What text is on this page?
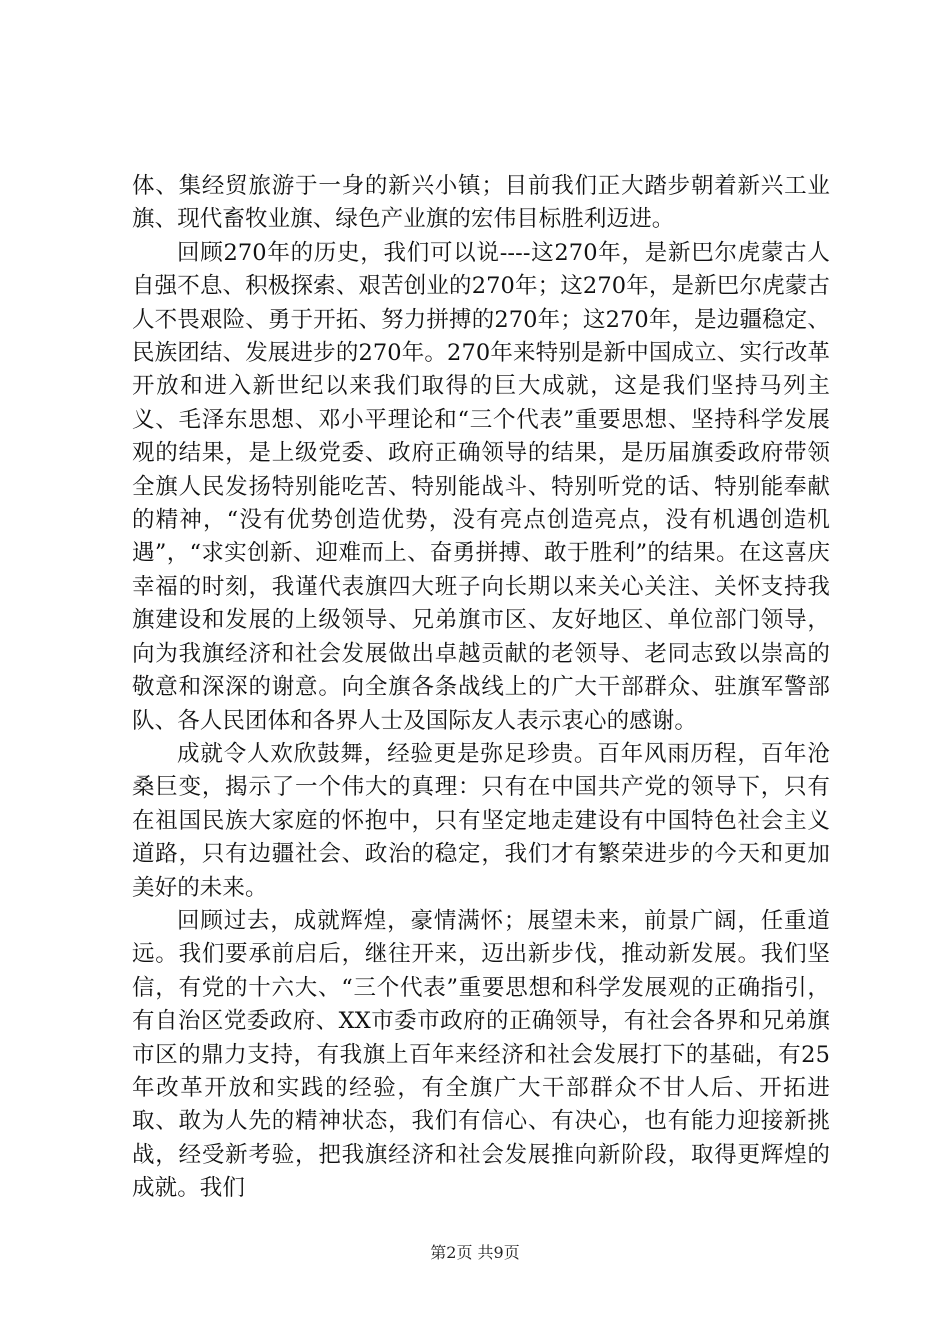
体、集经贸旅游于一身的新兴小镇；目前我们正大踏步朝着新兴工业旗、现代畜牧业旗、绿色产业旗的宏伟目标胜利迈进。

回顾270年的历史，我们可以说----这270年，是新巴尔虎蒙古人自强不息、积极探索、艰苦创业的270年；这270年，是新巴尔虎蒙古人不畏艰险、勇于开拓、努力拼搏的270年；这270年，是边疆稳定、民族团结、发展进步的270年。270年来特别是新中国成立、实行改革开放和进入新世纪以来我们取得的巨大成就，这是我们坚持马列主义、毛泽东思想、邓小平理论和“三个代表”重要思想、坚持科学发展观的结果，是上级党委、政府正确领导的结果，是历届旗委政府带领全旗人民发扬特别能吃苦、特别能战斗、特别听党的话、特别能奉献的精神，“没有优势创造优势，没有亮点创造亮点，没有机遇创造机遇”，“求实创新、迎难而上、奋勇拼搏、敢于胜利”的结果。在这喜庆幸福的时刻，我谨代表旗四大班子向长期以来关心关注、关怀支持我旗建设和发展的上级领导、兄弟旗市区、友好地区、单位部门领导，向为我旗经济和社会发展做出卓越贡献的老领导、老同志致以崇高的敬意和深深的谢意。向全旗各条战线上的广大干部群众、驻旗军警部队、各人民团体和各界人士及国际友人表示衷心的感谢。

成就令人欢欣鼓舞，经验更是弥足珍贵。百年风雨历程，百年沧桑巨变，揭示了一个伟大的真理：只有在中国共产党的领导下，只有在祖国民族大家庭的怀抱中，只有坚定地走建设有中国特色社会主义道路，只有边疆社会、政治的稳定，我们才有繁荣进步的今天和更加美好的未来。

回顾过去，成就辉煌，豪情满怀；展望未来，前景广阔，任重道远。我们要承前启后，继往开来，迈出新步伐，推动新发展。我们坚信，有党的十六大、“三个代表”重要思想和科学发展观的正确指引，有自治区党委政府、XX市委市政府的正确领导，有社会各界和兄弟旗市区的鼎力支持，有我旗上百年来经济和社会发展打下的基础，有25年改革开放和实践的经验，有全旗广大干部群众不甘人后、开拓进取、敢为人先的精神状态，我们有信心、有决心，也有能力迎接新挑战，经受新考验，把我旗经济和社会发展推向新阶段，取得更辉煌的成就。我们

第2页 共9页
